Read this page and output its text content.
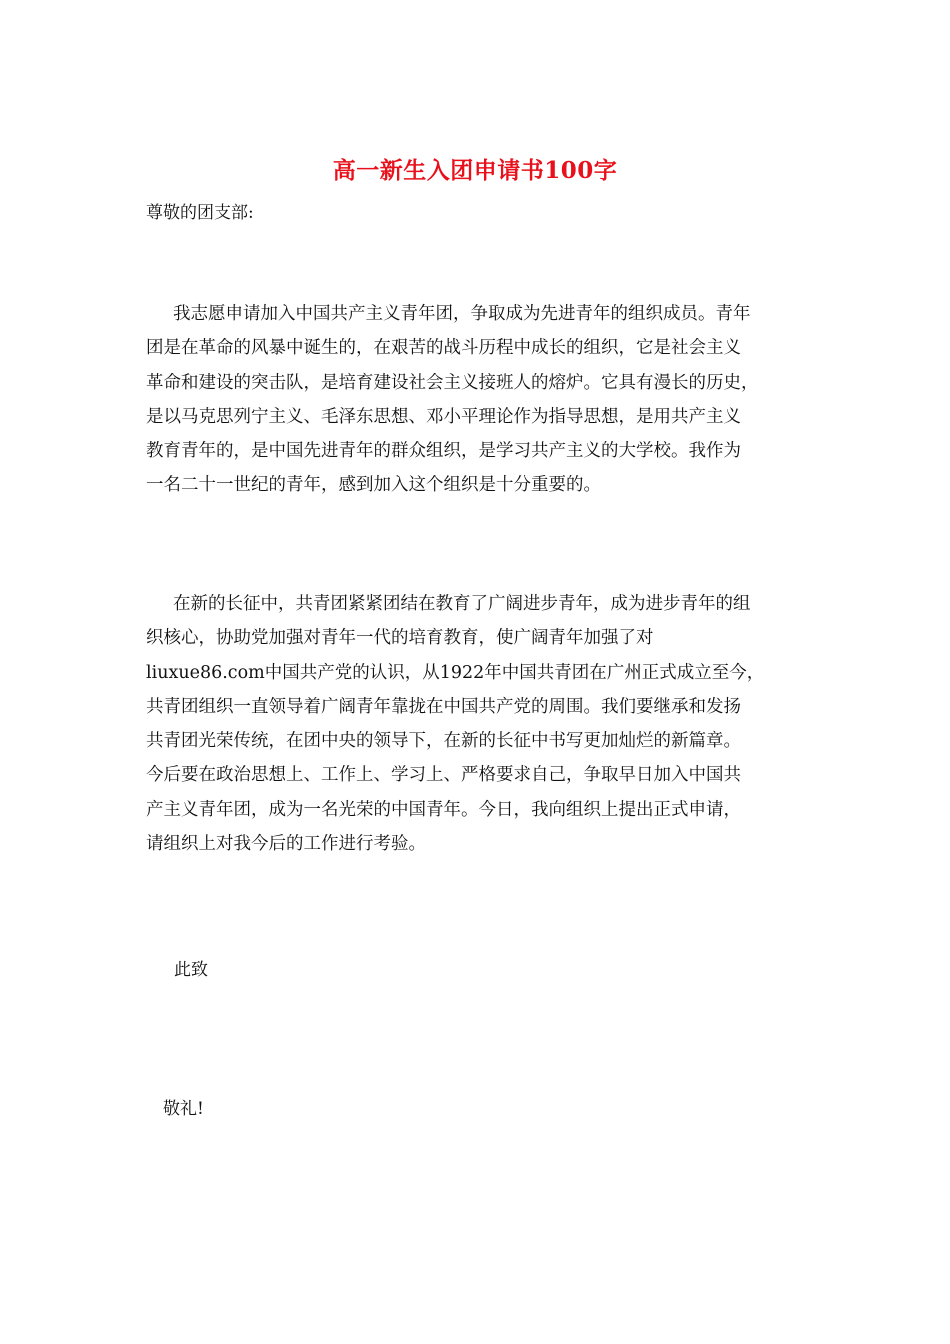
高一新生入团申请书100字

尊敬的团支部:

我志愿申请加入中国共产主义青年团，争取成为先进青年的组织成员。青年
团是在革命的风暴中诞生的，在艰苦的战斗历程中成长的组织，它是社会主义
革命和建设的突击队，是培育建设社会主义接班人的熔炉。它具有漫长的历史，
是以马克思列宁主义、毛泽东思想、邓小平理论作为指导思想，是用共产主义
教育青年的，是中国先进青年的群众组织，是学习共产主义的大学校。我作为
一名二十一世纪的青年，感到加入这个组织是十分重要的。
在新的长征中，共青团紧紧团结在教育了广阔进步青年，成为进步青年的组
织核心，协助党加强对青年一代的培育教育，使广阔青年加强了对
liuxue86.com中国共产党的认识，从1922年中国共青团在广州正式成立至今，
共青团组织一直领导着广阔青年靠拢在中国共产党的周围。我们要继承和发扬
共青团光荣传统，在团中央的领导下，在新的长征中书写更加灿烂的新篇章。
今后要在政治思想上、工作上、学习上、严格要求自己，争取早日加入中国共
产主义青年团，成为一名光荣的中国青年。今日，我向组织上提出正式申请，
请组织上对我今后的工作进行考验。

此致

敬礼!
